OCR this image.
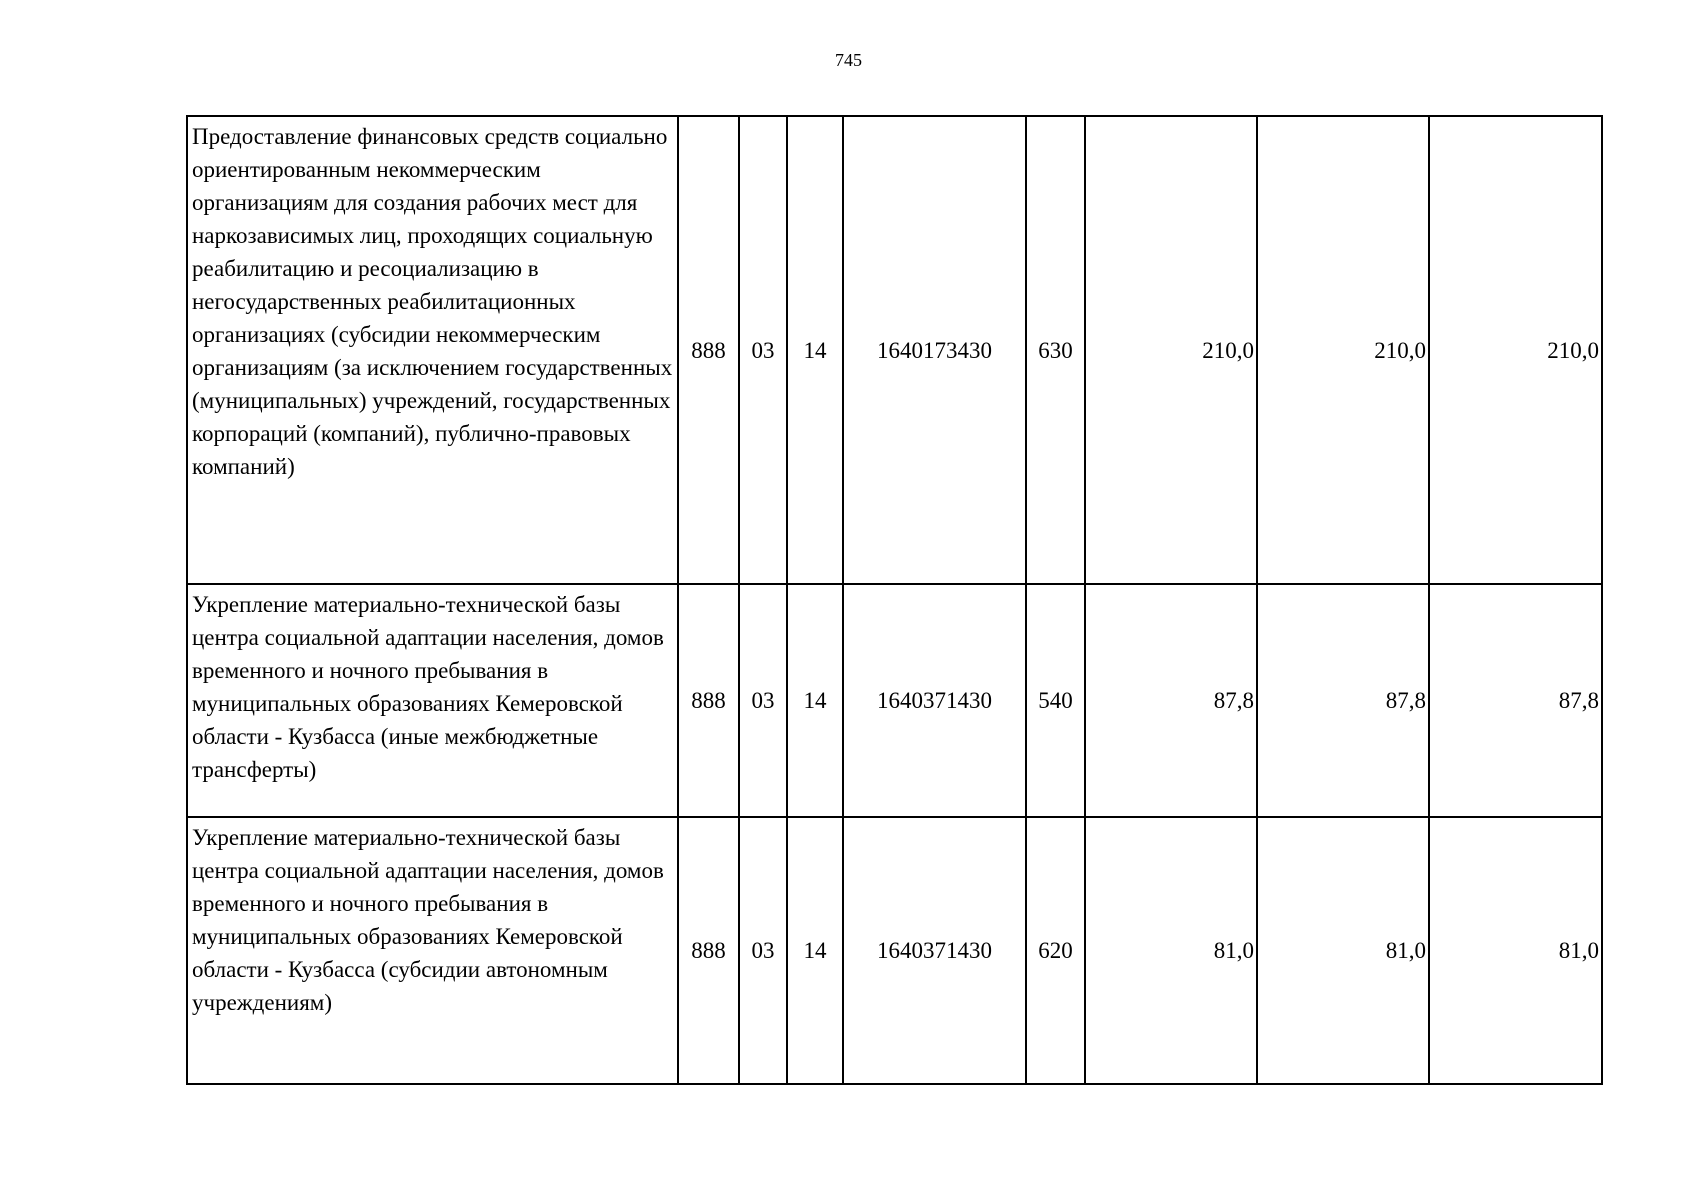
745
Предоставление финансовых средств социально ориентированным некоммерческим организациям для создания рабочих мест для наркозависимых лиц, проходящих социальную реабилитацию и ресоциализацию в негосударственных реабилитационных организациях (субсидии некоммерческим организациям (за исключением государственных (муниципальных) учреждений, государственных корпораций (компаний), публично-правовых компаний)	888	03	14	1640173430	630	210,0	210,0	210,0
Укрепление материально-технической базы центра социальной адаптации населения, домов временного и ночного пребывания в муниципальных образованиях Кемеровской области - Кузбасса (иные межбюджетные трансферты)	888	03	14	1640371430	540	87,8	87,8	87,8
Укрепление материально-технической базы центра социальной адаптации населения, домов временного и ночного пребывания в муниципальных образованиях Кемеровской области - Кузбасса (субсидии автономным учреждениям)	888	03	14	1640371430	620	81,0	81,0	81,0
